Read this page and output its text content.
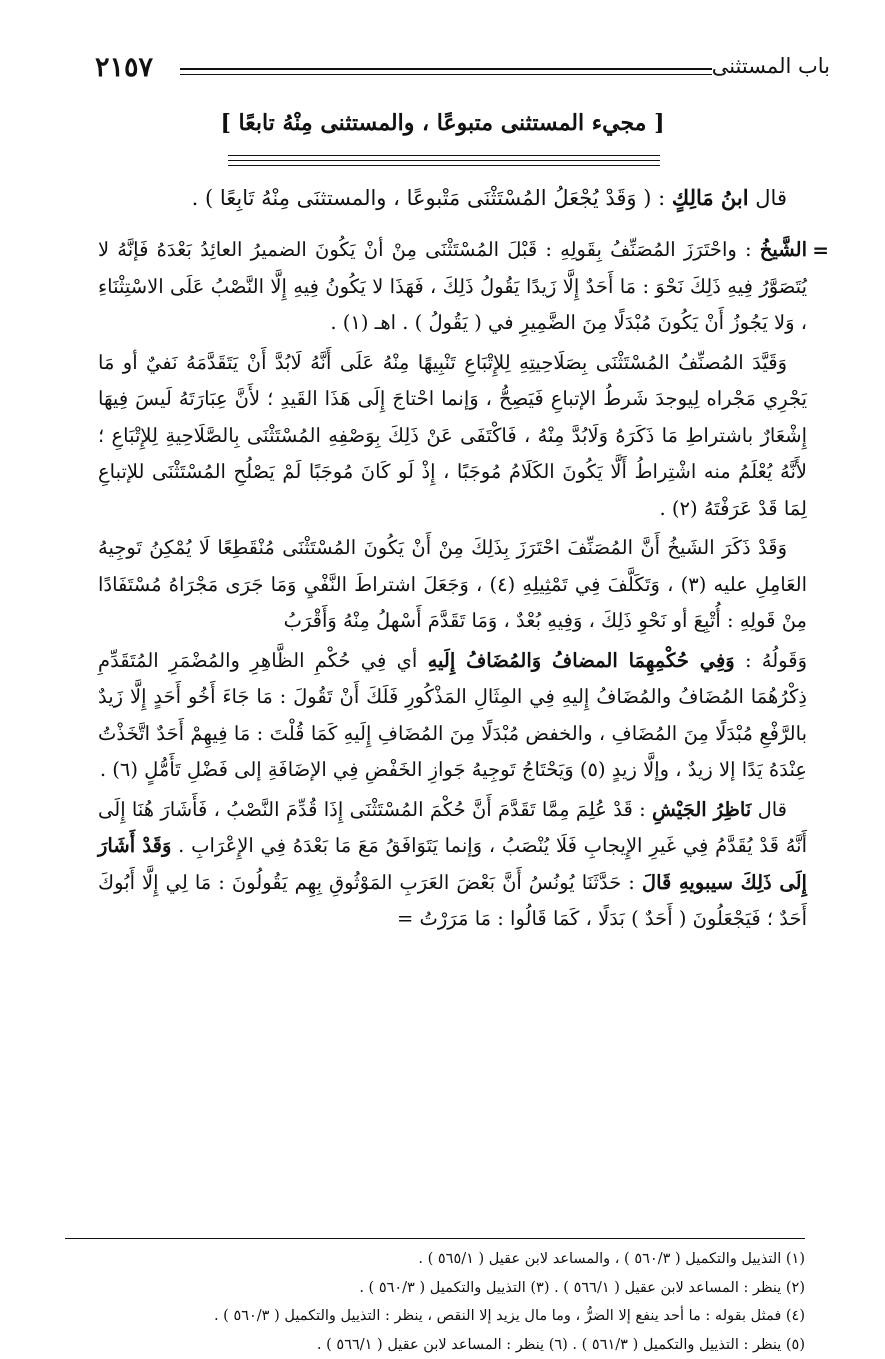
٢١٥٧	باب المستثنى
[ مجيء المستثنى متبوعًا ، والمستثنى مِنْهُ تابعًا ]

قال ابنُ مَالِكٍ : ( وَقَدْ يُجْعَلُ المُسْتَثْنَى مَتْبوعًا ، والمستثنَى مِنْهُ تَابِعًا ) .

=
الشَّيخُ : واحْتَرَزَ المُصَنِّفُ بِقَولِهِ : قَبْلَ المُسْتَثْنَى مِنْ أنْ يَكُونَ الضميرُ العائِدُ بَعْدَهُ فَإنَّهُ لا يُتَصَوَّرُ فِيهِ ذَلِكَ نَحْوَ : مَا أَحَدٌ إِلَّا زَيدًا يَقُولُ ذَلِكَ ، فَهَذَا لا يَكُونُ فِيهِ إِلَّا النَّصْبُ عَلَى الاسْتِثْنَاءِ ، وَلا يَجُوزُ أَنْ يَكُونَ مُبْدَلًا مِنَ الضَّمِيرِ في ( يَقُولُ ) . اهـ (١) .

وَقَيَّدَ المُصنِّفُ المُسْتَثْنَى بِصَلَاحِيتِهِ لِلإِتْبَاعِ تَنْبِيهًا مِنْهُ عَلَى أَنَّهُ لَابُدَّ أَنْ يَتَقَدَّمَهُ نَفيٌ أو مَا يَجْرِي مَجْراه لِيوجدَ شَرطُ الإتباعِ فَيَصِحُّ ، وَإنما احْتاجَ إِلَى هَذَا القَيدِ ؛ لأَنَّ عِبَارَتَهُ لَيسَ فِيهَا إِشْعَارٌ باشتراطِ مَا ذَكَرَهُ وَلَابُدَّ مِنْهُ ، فَاكْتَفَى عَنْ ذَلِكَ بِوَصْفِهِ المُسْتَثْنَى بِالصَّلَاحِيةِ لِلإِتْبَاعِ ؛ لأَنَّهُ يُعْلَمُ منه اشْتِراطُ أَلَّا يَكُونَ الكَلَامُ مُوجَبًا ، إِذْ لَو كَانَ مُوجَبًا لَمْ يَصْلُحِ المُسْتَثْنَى للإتباعِ لِمَا قَدْ عَرَفْتَهُ (٢) .

وَقَدْ ذَكَرَ الشَيخُ أَنَّ المُصَنِّفَ احْتَرَزَ بِذَلِكَ مِنْ أَنْ يَكُونَ المُسْتَثْنَى مُنْقَطِعًا لَا يُمْكِنُ تَوجِيهُ العَامِلِ عليه (٣) ، وَتَكَلَّفَ فِي تَمْثِيلِهِ (٤) ، وَجَعَلَ اشتراطَ النَّفْيِ وَمَا جَرَى مَجْرَاهُ مُسْتَفَادًا مِنْ قَولِهِ : أُتْبِعَ أو نَحْوِ ذَلِكَ ، وَفِيهِ بُعْدٌ ، وَمَا تَقَدَّمَ أَسْهلُ مِنْهُ وَأَقْرَبُ

وَقَولُهُ : وَفِي حُكْمِهِمَا المضافُ وَالمُضَافُ إِلَيهِ أي فِي حُكْمِ الظَّاهِرِ والمُضْمَرِ المُتَقَدِّمِ ذِكْرُهُمَا المُضَافُ والمُضَافُ إِليهِ فِي المِثَالِ المَذْكُورِ فَلَكَ أَنْ تَقُولَ : مَا جَاءَ أَخُو أَحَدٍ إِلَّا زَيدٌ بالرَّفْعِ مُبْدَلًا مِنَ المُضَافِ ، والخفض مُبْدَلًا مِنَ المُضَافِ إِلَيهِ كَمَا قُلْتَ : مَا فِيهِمْ أَحَدٌ اتَّخَذْتُ عِنْدَهُ يَدًا إلا زيدٌ ، وإلَّا زيدٍ (٥) وَيَحْتَاجُ تَوجِيهُ جَوازِ الخَفْضِ فِي الإضَافَةِ إلى فَضْلِ تَأَمُّلٍ (٦) .

قال نَاظِرُ الجَيْشِ : قَدْ عُلِمَ مِمَّا تَقَدَّمَ أَنَّ حُكْمَ المُسْتَثْنَى إِذَا قُدِّمَ النَّصْبُ ، فَأَشَارَ هُنَا إِلَى أَنَّهُ قَدْ يُقَدَّمُ فِي غَيرِ الإِيجابِ فَلَا يُنْصَبُ ، وَإنما يَتَوَافَقُ مَعَ مَا بَعْدَهُ فِي الإِعْرَابِ . وَقَدْ أَشَارَ إِلَى ذَلِكَ سيبويهِ قَالَ : حَدَّثَنَا يُونُسُ أَنَّ بَعْضَ العَرَبِ المَوْثُوقِ بِهِم يَقُولُونَ : مَا لِي إِلَّا أَبُوكَ أَحَدٌ ؛ فَيَجْعَلُونَ ( أَحَدٌ ) بَدَلًا ، كَمَا قَالُوا : مَا مَرَرْتُ =

(١) التذييل والتكميل ( ٥٦٠/٣ ) ، والمساعد لابن عقيل ( ٥٦٥/١ ) .
(٢) ينظر : المساعد لابن عقيل ( ٥٦٦/١ ) . (٣) التذييل والتكميل ( ٥٦٠/٣ ) .
(٤) فمثل بقوله : ما أحد ينفع إلا الضرُّ ، وما مال يزيد إلا النقص ، ينظر : التذييل والتكميل ( ٥٦٠/٣ ) .
(٥) ينظر : التذييل والتكميل ( ٥٦١/٣ ) . (٦) ينظر : المساعد لابن عقيل ( ٥٦٦/١ ) .
